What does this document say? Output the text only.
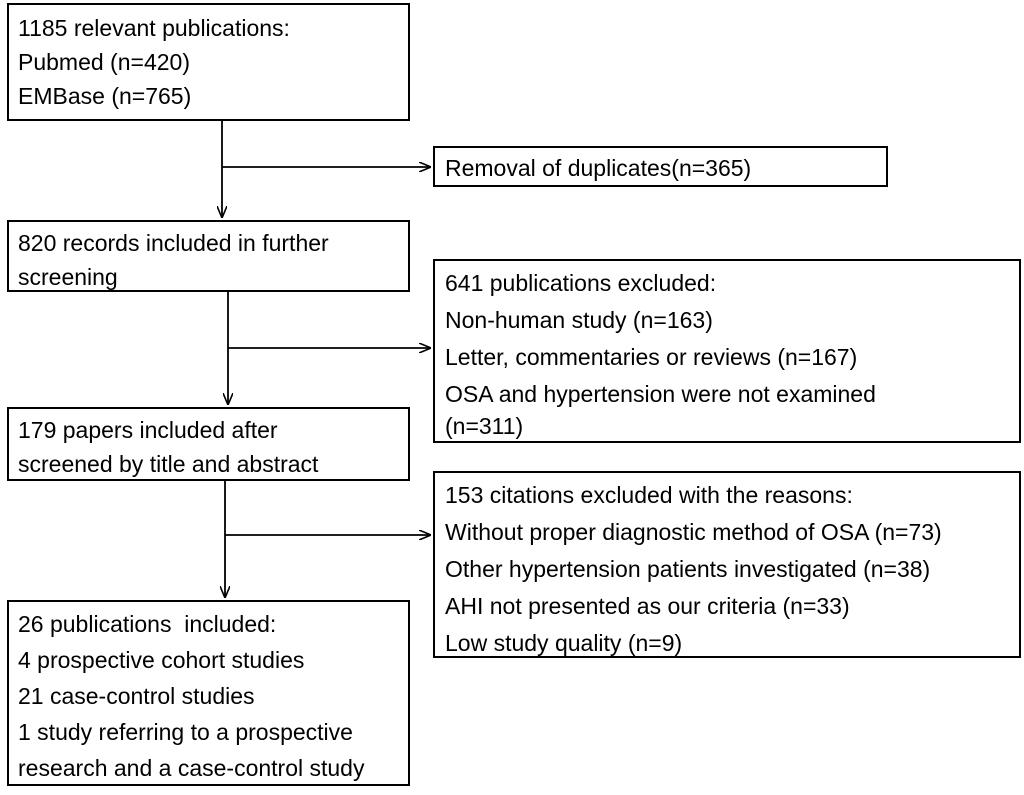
1185 relevant publications:
Pubmed (n=420)
EMBase (n=765)
Removal of duplicates(n=365)
820 records included in further
screening	641 publications excluded:
Non-human study (n=163)
Letter, commentaries or reviews (n=167)
OSA and hypertension were not examined
(n=311)
179 papers included after
screened by title and abstract
153 citations excluded with the reasons:
Without proper diagnostic method of OSA (n=73)
Other hypertension patients investigated (n=38)
AHI not presented as our criteria (n=33)
Low study quality (n=9)
26 publications  included:
4 prospective cohort studies
21 case-control studies
1 study referring to a prospective
research and a case-control study
